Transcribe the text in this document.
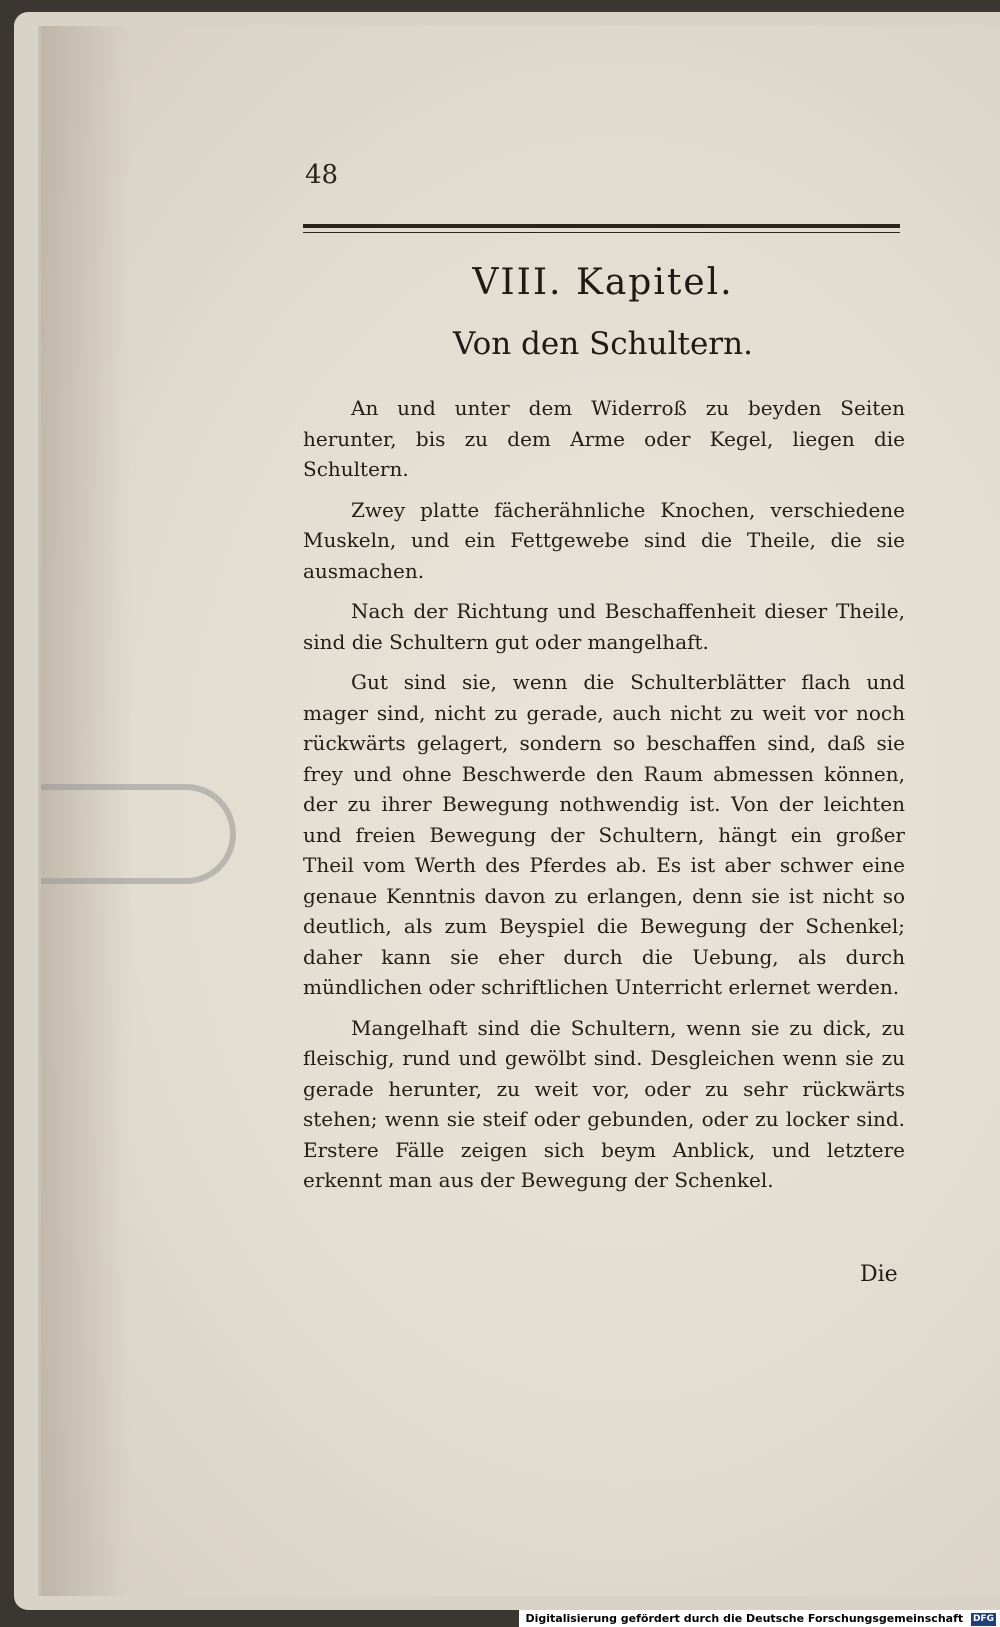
48
VIII. Kapitel.
Von den Schultern.

An und unter dem Widerroß zu beyden Seiten herunter, bis zu dem Arme oder Kegel, liegen die Schultern.

Zwey platte fächerähnliche Knochen, verschiedene Muskeln, und ein Fettgewebe sind die Theile, die sie ausmachen.

Nach der Richtung und Beschaffenheit dieser Theile, sind die Schultern gut oder mangelhaft.

Gut sind sie, wenn die Schulterblätter flach und mager sind, nicht zu gerade, auch nicht zu weit vor noch rückwärts gelagert, sondern so beschaffen sind, daß sie frey und ohne Beschwerde den Raum abmessen können, der zu ihrer Bewegung nothwendig ist. Von der leichten und freien Bewegung der Schultern, hängt ein großer Theil vom Werth des Pferdes ab. Es ist aber schwer eine genaue Kenntnis davon zu erlangen, denn sie ist nicht so deutlich, als zum Beyspiel die Bewegung der Schenkel; daher kann sie eher durch die Uebung, als durch mündlichen oder schriftlichen Unterricht erlernet werden.

Mangelhaft sind die Schultern, wenn sie zu dick, zu fleischig, rund und gewölbt sind. Desgleichen wenn sie zu gerade herunter, zu weit vor, oder zu sehr rückwärts stehen; wenn sie steif oder gebunden, oder zu locker sind. Erstere Fälle zeigen sich beym Anblick, und letztere erkennt man aus der Bewegung der Schenkel.

Die
Digitalisierung gefördert durch die Deutsche Forschungsgemeinschaft DFG
